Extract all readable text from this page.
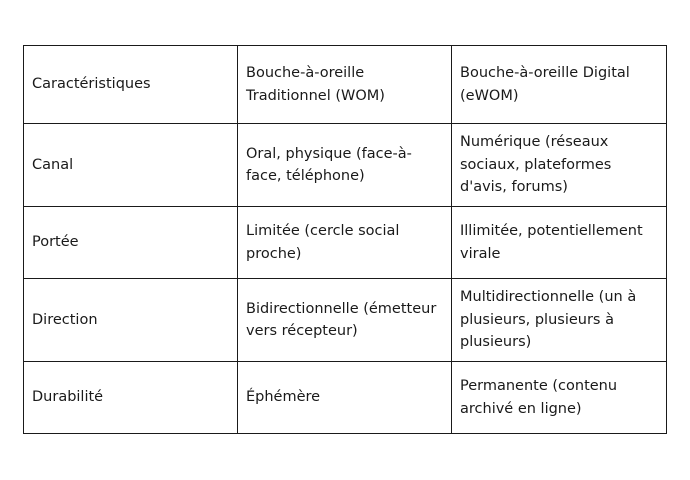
Caractéristiques	Bouche-à-oreille Traditionnel (WOM)	Bouche-à-oreille Digital (eWOM)
Canal	Oral, physique (face-à-face, téléphone)	Numérique (réseaux sociaux, plateformes d'avis, forums)
Portée	Limitée (cercle social proche)	Illimitée, potentiellement virale
Direction	Bidirectionnelle (émetteur vers récepteur)	Multidirectionnelle (un à plusieurs, plusieurs à plusieurs)
Durabilité	Éphémère	Permanente (contenu archivé en ligne)
